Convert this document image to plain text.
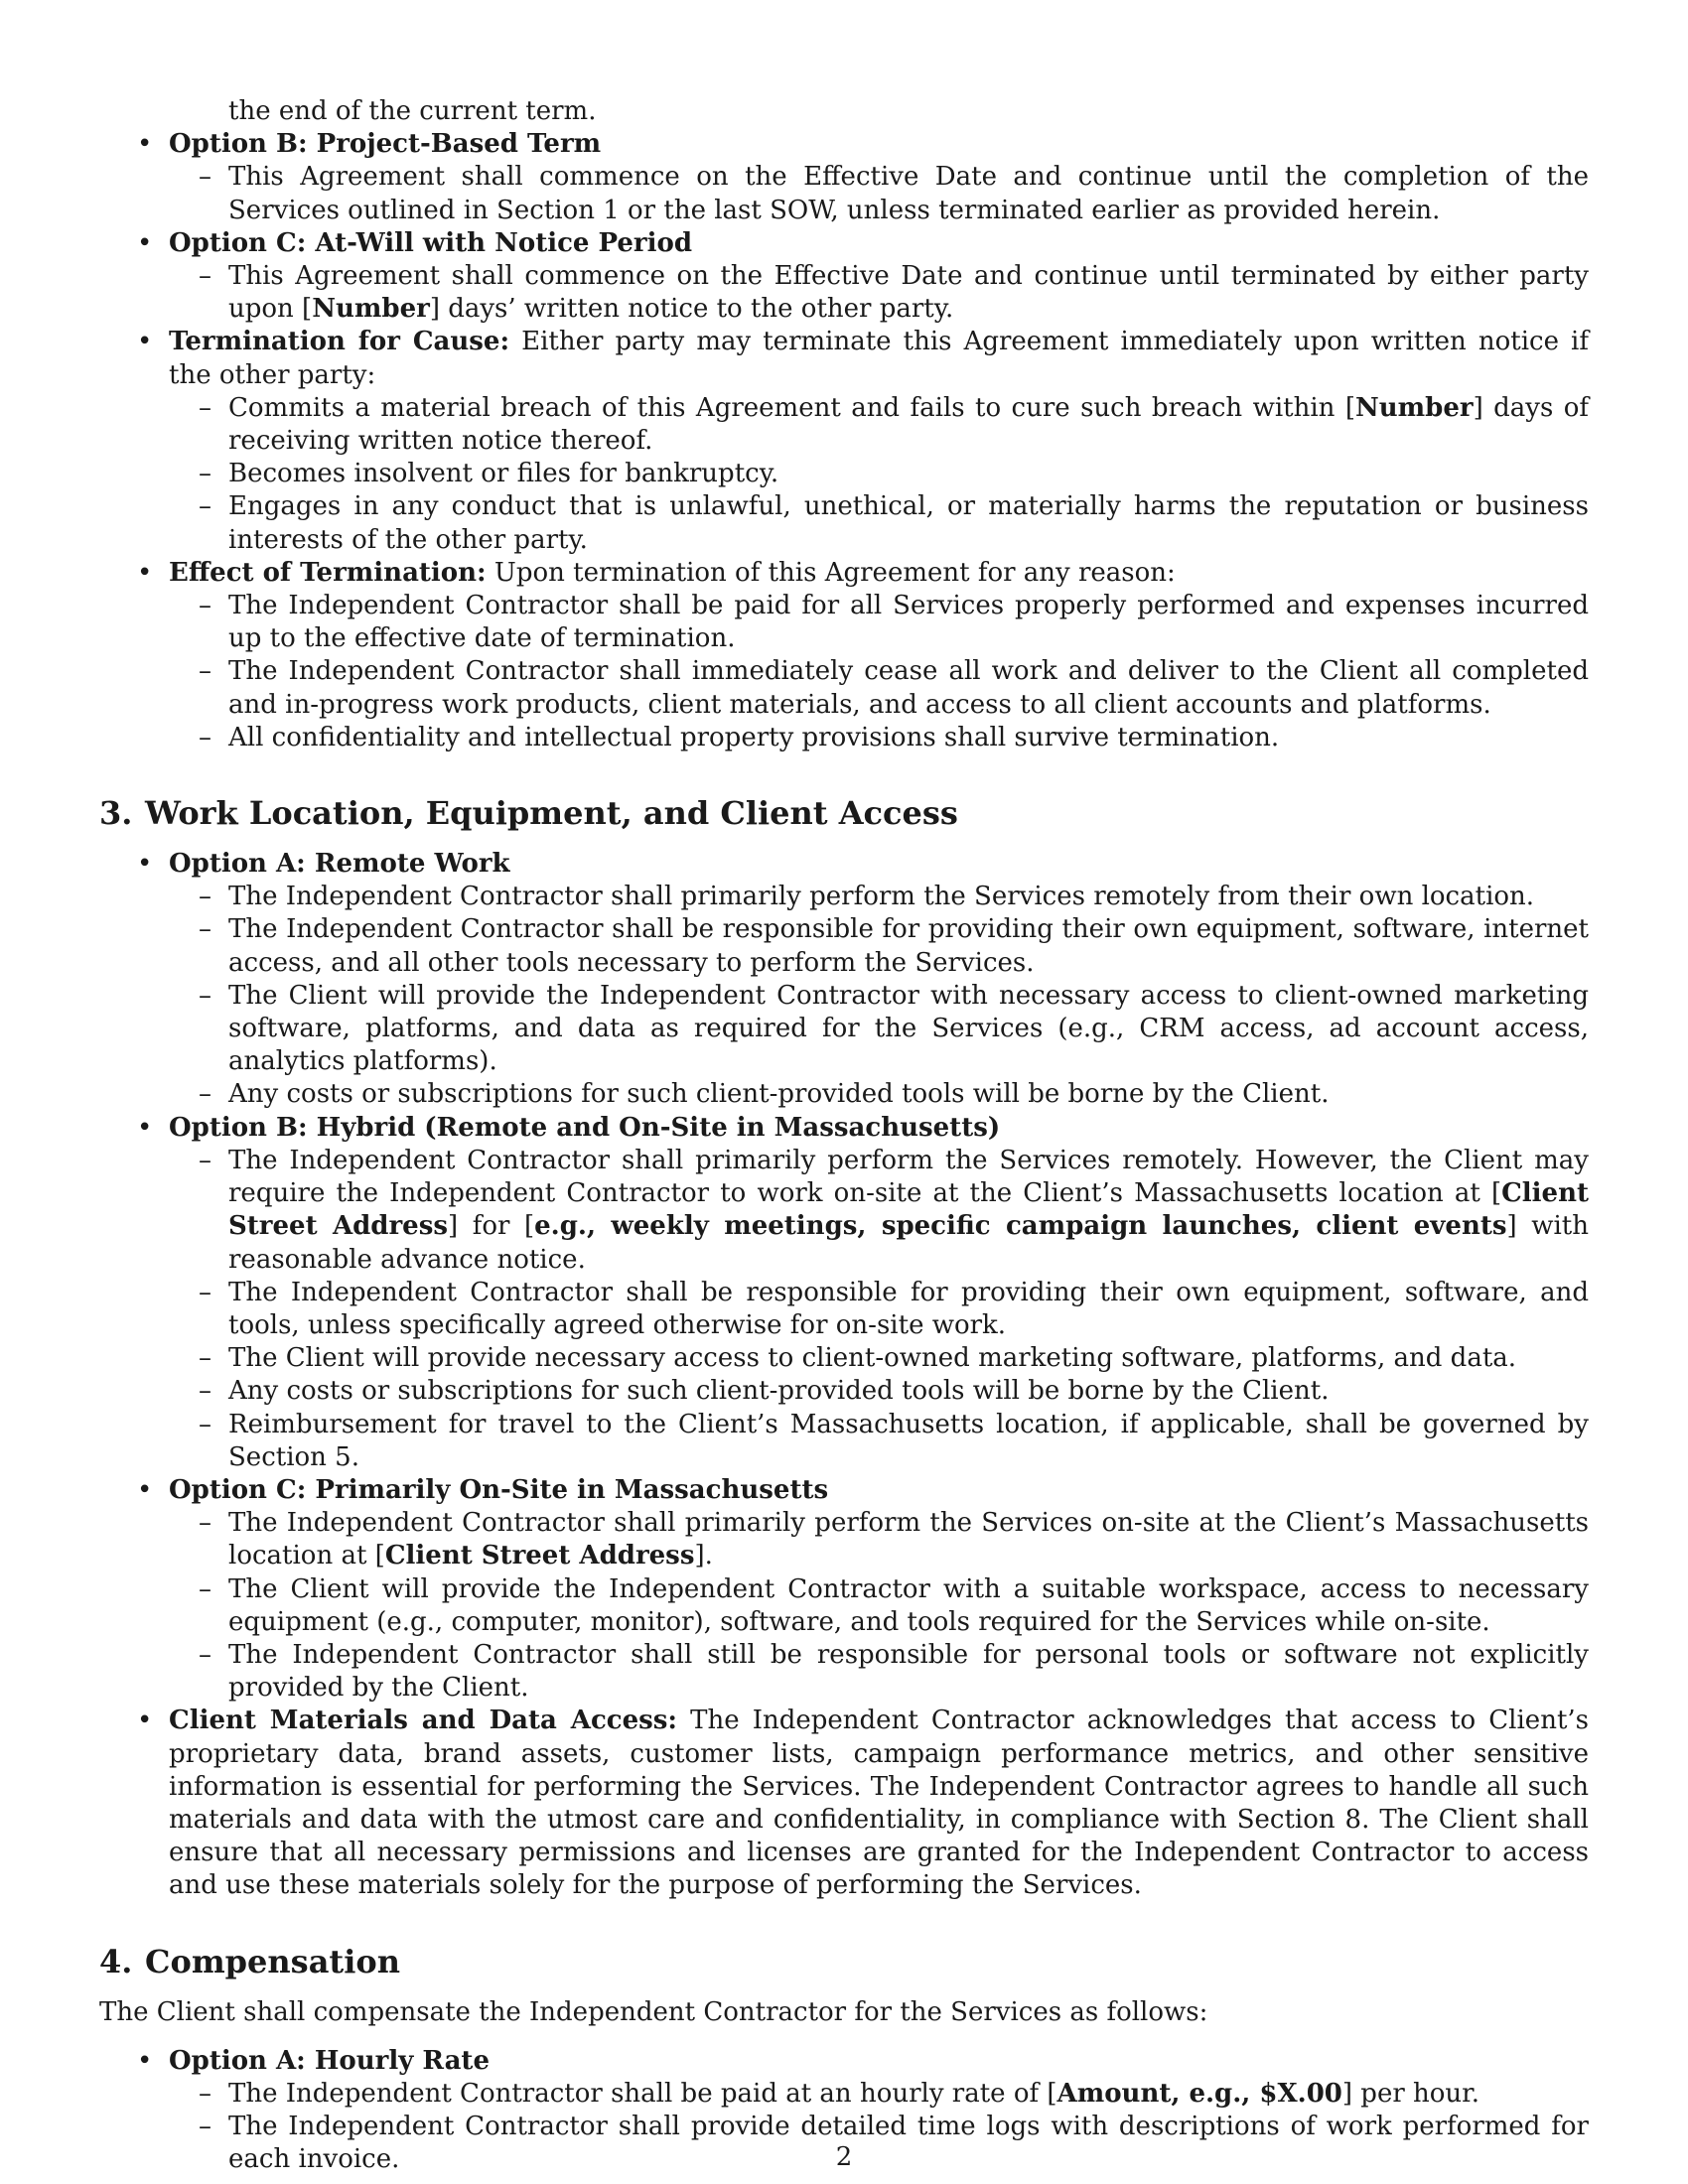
the end of the current term.
• Option B: Project-Based Term
– This Agreement shall commence on the Effective Date and continue until the completion of the Services outlined in Section 1 or the last SOW, unless terminated earlier as provided herein.
• Option C: At-Will with Notice Period
– This Agreement shall commence on the Effective Date and continue until terminated by either party upon [Number] days’ written notice to the other party.
• Termination for Cause: Either party may terminate this Agreement immediately upon written notice if the other party:
– Commits a material breach of this Agreement and fails to cure such breach within [Number] days of receiving written notice thereof.
– Becomes insolvent or files for bankruptcy.
– Engages in any conduct that is unlawful, unethical, or materially harms the reputation or business interests of the other party.
• Effect of Termination: Upon termination of this Agreement for any reason:
– The Independent Contractor shall be paid for all Services properly performed and expenses incurred up to the effective date of termination.
– The Independent Contractor shall immediately cease all work and deliver to the Client all completed and in-progress work products, client materials, and access to all client accounts and platforms.
– All confidentiality and intellectual property provisions shall survive termination.
3. Work Location, Equipment, and Client Access
• Option A: Remote Work
– The Independent Contractor shall primarily perform the Services remotely from their own location.
– The Independent Contractor shall be responsible for providing their own equipment, software, internet access, and all other tools necessary to perform the Services.
– The Client will provide the Independent Contractor with necessary access to client-owned marketing software, platforms, and data as required for the Services (e.g., CRM access, ad account access, analytics platforms).
– Any costs or subscriptions for such client-provided tools will be borne by the Client.
• Option B: Hybrid (Remote and On-Site in Massachusetts)
– The Independent Contractor shall primarily perform the Services remotely. However, the Client may require the Independent Contractor to work on-site at the Client’s Massachusetts location at [Client Street Address] for [e.g., weekly meetings, specific campaign launches, client events] with reasonable advance notice.
– The Independent Contractor shall be responsible for providing their own equipment, software, and tools, unless specifically agreed otherwise for on-site work.
– The Client will provide necessary access to client-owned marketing software, platforms, and data.
– Any costs or subscriptions for such client-provided tools will be borne by the Client.
– Reimbursement for travel to the Client’s Massachusetts location, if applicable, shall be governed by Section 5.
• Option C: Primarily On-Site in Massachusetts
– The Independent Contractor shall primarily perform the Services on-site at the Client’s Massachusetts location at [Client Street Address].
– The Client will provide the Independent Contractor with a suitable workspace, access to necessary equipment (e.g., computer, monitor), software, and tools required for the Services while on-site.
– The Independent Contractor shall still be responsible for personal tools or software not explicitly provided by the Client.
• Client Materials and Data Access: The Independent Contractor acknowledges that access to Client’s proprietary data, brand assets, customer lists, campaign performance metrics, and other sensitive information is essential for performing the Services. The Independent Contractor agrees to handle all such materials and data with the utmost care and confidentiality, in compliance with Section 8. The Client shall ensure that all necessary permissions and licenses are granted for the Independent Contractor to access and use these materials solely for the purpose of performing the Services.
4. Compensation
The Client shall compensate the Independent Contractor for the Services as follows:
• Option A: Hourly Rate
– The Independent Contractor shall be paid at an hourly rate of [Amount, e.g., $X.00] per hour.
– The Independent Contractor shall provide detailed time logs with descriptions of work performed for each invoice.	2
